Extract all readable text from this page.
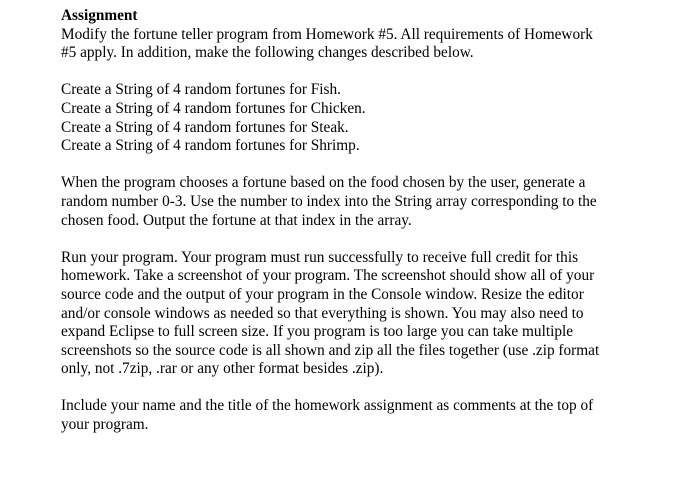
Assignment

Modify the fortune teller program from Homework #5. All requirements of Homework
#5 apply. In addition, make the following changes described below.

Create a String of 4 random fortunes for Fish.
Create a String of 4 random fortunes for Chicken.
Create a String of 4 random fortunes for Steak.
Create a String of 4 random fortunes for Shrimp.

When the program chooses a fortune based on the food chosen by the user, generate a
random number 0-3. Use the number to index into the String array corresponding to the
chosen food. Output the fortune at that index in the array.

Run your program. Your program must run successfully to receive full credit for this
homework. Take a screenshot of your program. The screenshot should show all of your
source code and the output of your program in the Console window. Resize the editor
and/or console windows as needed so that everything is shown. You may also need to
expand Eclipse to full screen size. If you program is too large you can take multiple
screenshots so the source code is all shown and zip all the files together (use .zip format
only, not .7zip, .rar or any other format besides .zip).

Include your name and the title of the homework assignment as comments at the top of
your program.
